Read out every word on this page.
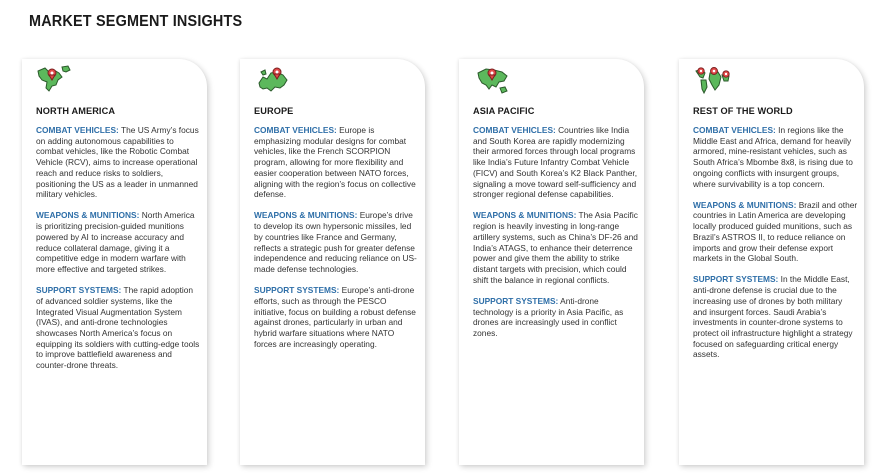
MARKET SEGMENT INSIGHTS
NORTH AMERICA

COMBAT VEHICLES: The US Army’s focus on adding autonomous capabilities to combat vehicles, like the Robotic Combat Vehicle (RCV), aims to increase operational reach and reduce risks to soldiers, positioning the US as a leader in unmanned military vehicles.

WEAPONS & MUNITIONS: North America is prioritizing precision-guided munitions powered by AI to increase accuracy and reduce collateral damage, giving it a competitive edge in modern warfare with more effective and targeted strikes.

SUPPORT SYSTEMS: The rapid adoption of advanced soldier systems, like the Integrated Visual Augmentation System (IVAS), and anti-drone technologies showcases North America’s focus on equipping its soldiers with cutting-edge tools to improve battlefield awareness and counter-drone threats.

EUROPE

COMBAT VEHICLES: Europe is emphasizing modular designs for combat vehicles, like the French SCORPION program, allowing for more flexibility and easier cooperation between NATO forces, aligning with the region’s focus on collective defense.

WEAPONS & MUNITIONS: Europe’s drive to develop its own hypersonic missiles, led by countries like France and Germany, reflects a strategic push for greater defense independence and reducing reliance on US-made defense technologies.

SUPPORT SYSTEMS: Europe’s anti-drone efforts, such as through the PESCO initiative, focus on building a robust defense against drones, particularly in urban and hybrid warfare situations where NATO forces are increasingly operating.

ASIA PACIFIC

COMBAT VEHICLES: Countries like India and South Korea are rapidly modernizing their armored forces through local programs like India’s Future Infantry Combat Vehicle (FICV) and South Korea’s K2 Black Panther, signaling a move toward self-sufficiency and stronger regional defense capabilities.

WEAPONS & MUNITIONS: The Asia Pacific region is heavily investing in long-range artillery systems, such as China’s DF-26 and India’s ATAGS, to enhance their deterrence power and give them the ability to strike distant targets with precision, which could shift the balance in regional conflicts.

SUPPORT SYSTEMS: Anti-drone technology is a priority in Asia Pacific, as drones are increasingly used in conflict zones.

REST OF THE WORLD

COMBAT VEHICLES: In regions like the Middle East and Africa, demand for heavily armored, mine-resistant vehicles, such as South Africa’s Mbombe 8x8, is rising due to ongoing conflicts with insurgent groups, where survivability is a top concern.

WEAPONS & MUNITIONS: Brazil and other countries in Latin America are developing locally produced guided munitions, such as Brazil’s ASTROS II, to reduce reliance on imports and grow their defense export markets in the Global South.

SUPPORT SYSTEMS: In the Middle East, anti-drone defense is crucial due to the increasing use of drones by both military and insurgent forces. Saudi Arabia’s investments in counter-drone systems to protect oil infrastructure highlight a strategy focused on safeguarding critical energy assets.
